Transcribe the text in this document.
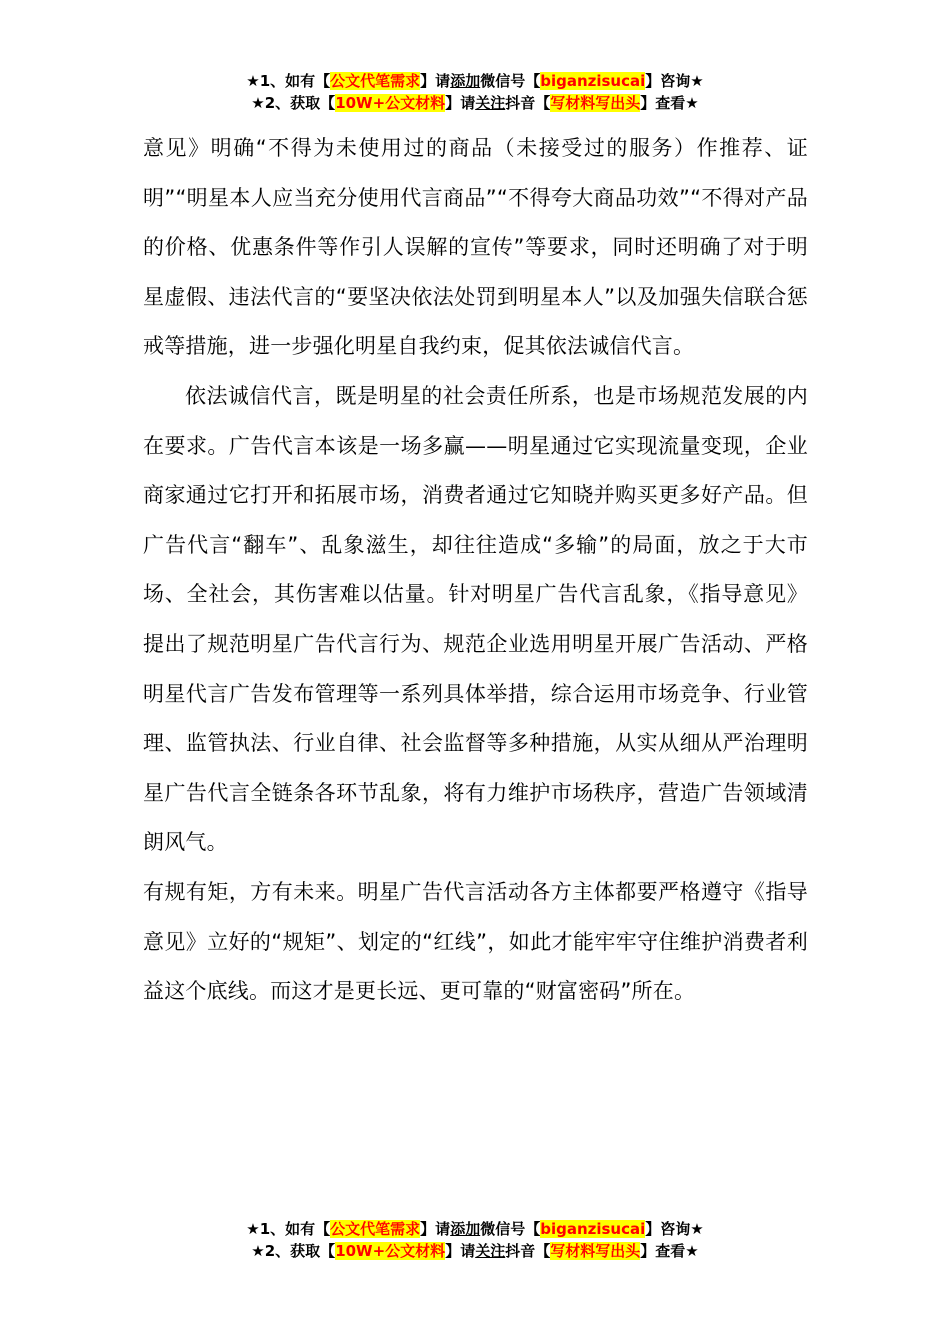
★1、如有【公文代笔需求】请添加微信号【biganzisucai】咨询★
★2、获取【10W+公文材料】请关注抖音【写材料写出头】查看★

意见》明确“不得为未使用过的商品（未接受过的服务）作推荐、证明”“明星本人应当充分使用代言商品”“不得夸大商品功效”“不得对产品的价格、优惠条件等作引人误解的宣传”等要求，同时还明确了对于明星虚假、违法代言的“要坚决依法处罚到明星本人”以及加强失信联合惩戒等措施，进一步强化明星自我约束，促其依法诚信代言。

依法诚信代言，既是明星的社会责任所系，也是市场规范发展的内在要求。广告代言本该是一场多赢——明星通过它实现流量变现，企业商家通过它打开和拓展市场，消费者通过它知晓并购买更多好产品。但广告代言“翻车”、乱象滋生，却往往造成“多输”的局面，放之于大市场、全社会，其伤害难以估量。针对明星广告代言乱象，《指导意见》提出了规范明星广告代言行为、规范企业选用明星开展广告活动、严格明星代言广告发布管理等一系列具体举措，综合运用市场竞争、行业管理、监管执法、行业自律、社会监督等多种措施，从实从细从严治理明星广告代言全链条各环节乱象，将有力维护市场秩序，营造广告领域清朗风气。

有规有矩，方有未来。明星广告代言活动各方主体都要严格遵守《指导意见》立好的“规矩”、划定的“红线”，如此才能牢牢守住维护消费者利益这个底线。而这才是更长远、更可靠的“财富密码”所在。

★1、如有【公文代笔需求】请添加微信号【biganzisucai】咨询★
★2、获取【10W+公文材料】请关注抖音【写材料写出头】查看★
